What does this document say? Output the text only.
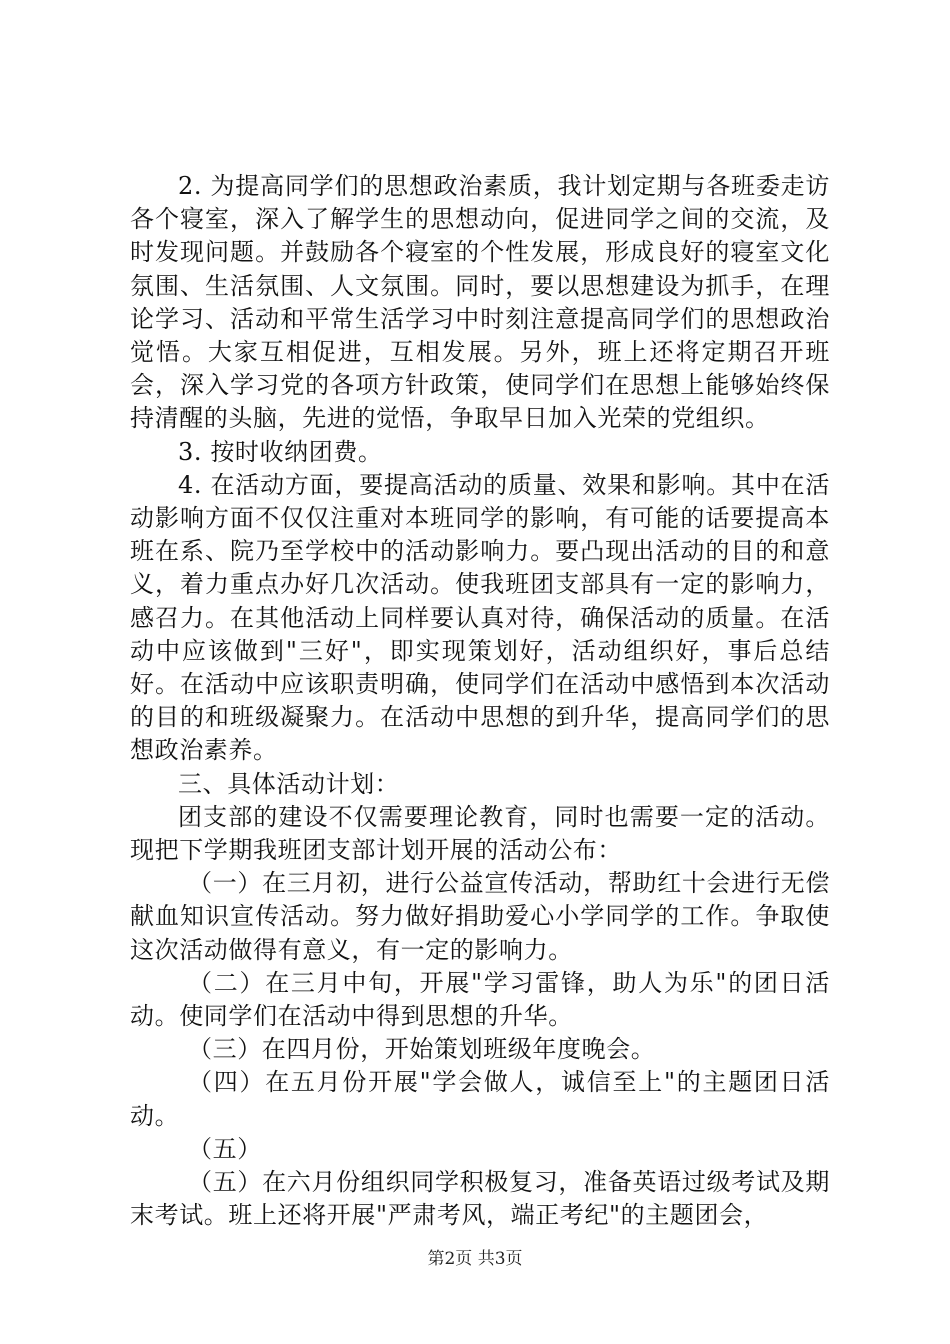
2. 为提高同学们的思想政治素质，我计划定期与各班委走访各个寝室，深入了解学生的思想动向，促进同学之间的交流，及时发现问题。并鼓励各个寝室的个性发展，形成良好的寝室文化氛围、生活氛围、人文氛围。同时，要以思想建设为抓手，在理论学习、活动和平常生活学习中时刻注意提高同学们的思想政治觉悟。大家互相促进，互相发展。另外，班上还将定期召开班会，深入学习党的各项方针政策，使同学们在思想上能够始终保持清醒的头脑，先进的觉悟，争取早日加入光荣的党组织。

3. 按时收纳团费。

4. 在活动方面，要提高活动的质量、效果和影响。其中在活动影响方面不仅仅注重对本班同学的影响，有可能的话要提高本班在系、院乃至学校中的活动影响力。要凸现出活动的目的和意义，着力重点办好几次活动。使我班团支部具有一定的影响力，感召力。在其他活动上同样要认真对待，确保活动的质量。在活动中应该做到"三好"，即实现策划好，活动组织好，事后总结好。在活动中应该职责明确，使同学们在活动中感悟到本次活动的目的和班级凝聚力。在活动中思想的到升华，提高同学们的思想政治素养。

三、具体活动计划：

团支部的建设不仅需要理论教育，同时也需要一定的活动。现把下学期我班团支部计划开展的活动公布：

（一）在三月初，进行公益宣传活动，帮助红十会进行无偿献血知识宣传活动。努力做好捐助爱心小学同学的工作。争取使这次活动做得有意义，有一定的影响力。

（二）在三月中旬，开展"学习雷锋，助人为乐"的团日活动。使同学们在活动中得到思想的升华。

（三）在四月份，开始策划班级年度晚会。

（四）在五月份开展"学会做人，诚信至上"的主题团日活动。

（五）

（五）在六月份组织同学积极复习，准备英语过级考试及期末考试。班上还将开展"严肃考风，端正考纪"的主题团会，

第2页 共3页
